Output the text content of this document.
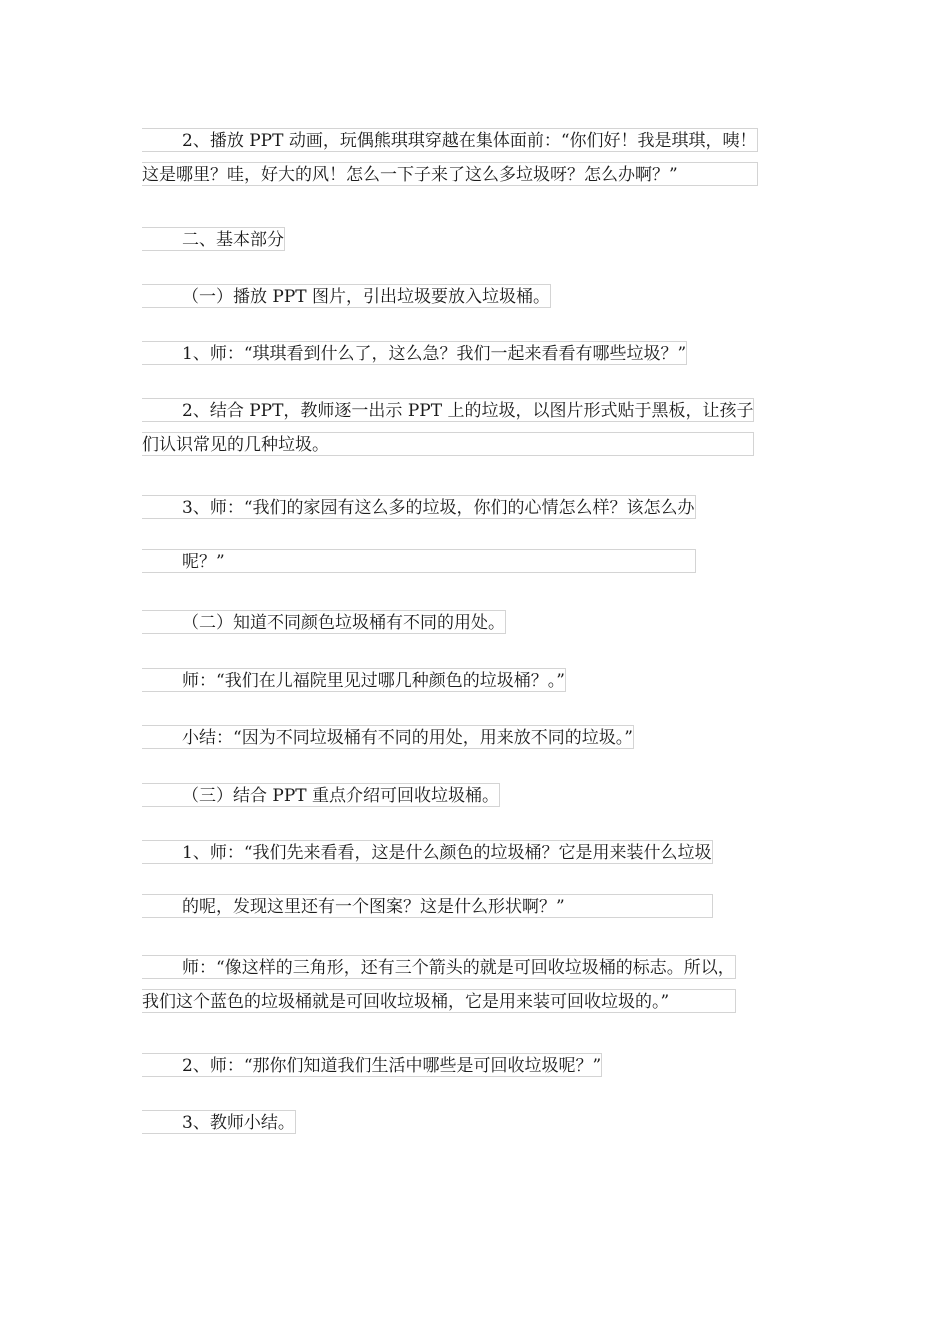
2、播放 PPT 动画，玩偶熊琪琪穿越在集体面前：“你们好！我是琪琪，咦！
这是哪里？哇，好大的风！怎么一下子来了这么多垃圾呀？怎么办啊？”
二、基本部分
（一）播放 PPT 图片，引出垃圾要放入垃圾桶。
1、师：“琪琪看到什么了，这么急？我们一起来看看有哪些垃圾？”
2、结合 PPT，教师逐一出示 PPT 上的垃圾，以图片形式贴于黑板，让孩子
们认识常见的几种垃圾。
3、师：“我们的家园有这么多的垃圾，你们的心情怎么样？该怎么办
呢？”
（二）知道不同颜色垃圾桶有不同的用处。
师：“我们在儿福院里见过哪几种颜色的垃圾桶？。”
小结：“因为不同垃圾桶有不同的用处，用来放不同的垃圾。”
（三）结合 PPT 重点介绍可回收垃圾桶。
1、师：“我们先来看看，这是什么颜色的垃圾桶？它是用来装什么垃圾
的呢，发现这里还有一个图案？这是什么形状啊？”
师：“像这样的三角形，还有三个箭头的就是可回收垃圾桶的标志。所以，
我们这个蓝色的垃圾桶就是可回收垃圾桶，它是用来装可回收垃圾的。”
2、师：“那你们知道我们生活中哪些是可回收垃圾呢？”
3、教师小结。
